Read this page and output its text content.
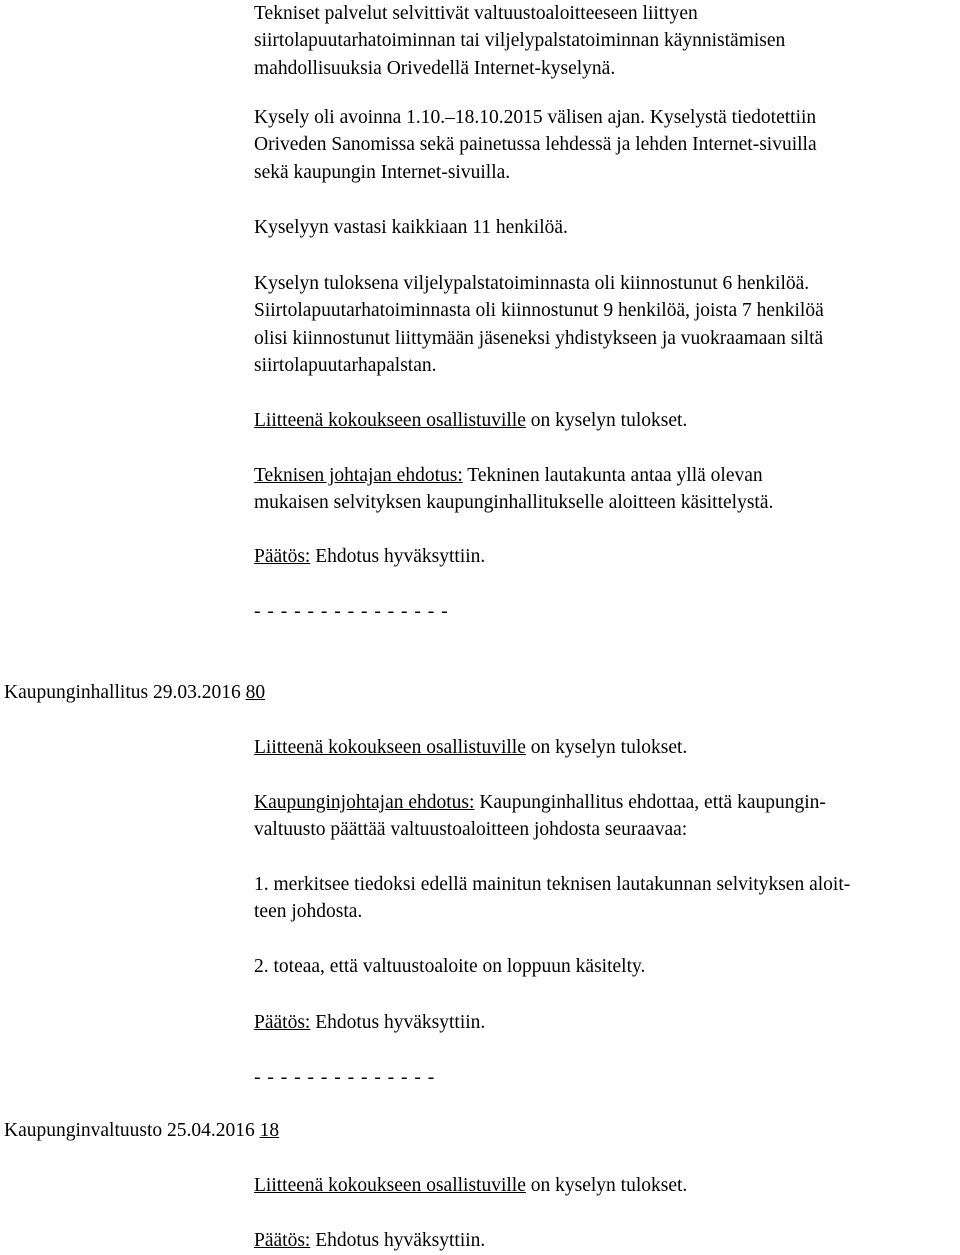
Tekniset palvelut selvittivät valtuustoaloitteeseen liittyen
siirtolapuutarhatoiminnan tai viljelypalstatoiminnan käynnistämisen
mahdollisuuksia Orivedellä Internet-kyselynä.

Kysely oli avoinna 1.10.–18.10.2015 välisen ajan. Kyselystä tiedotettiin
Oriveden Sanomissa sekä painetussa lehdessä ja lehden Internet-sivuilla
sekä kaupungin Internet-sivuilla.

Kyselyyn vastasi kaikkiaan 11 henkilöä.

Kyselyn tuloksena viljelypalstatoiminnasta oli kiinnostunut 6 henkilöä.
Siirtolapuutarhatoiminnasta oli kiinnostunut 9 henkilöä, joista 7 henkilöä
olisi kiinnostunut liittymään jäseneksi yhdistykseen ja vuokraamaan siltä
siirtolapuutarhapalstan.

Liitteenä kokoukseen osallistuville on kyselyn tulokset.

Teknisen johtajan ehdotus: Tekninen lautakunta antaa yllä olevan
mukaisen selvityksen kaupunginhallitukselle aloitteen käsittelystä.

Päätös: Ehdotus hyväksyttiin.

- - - - - - - - - - - - - - -

Kaupunginhallitus 29.03.2016 80

Liitteenä kokoukseen osallistuville on kyselyn tulokset.

Kaupunginjohtajan ehdotus: Kaupunginhallitus ehdottaa, että kaupungin-
valtuusto päättää valtuustoaloitteen johdosta seuraavaa:

1. merkitsee tiedoksi edellä mainitun teknisen lautakunnan selvityksen aloit-
teen johdosta.

2. toteaa, että valtuustoaloite on loppuun käsitelty.

Päätös: Ehdotus hyväksyttiin.

- - - - - - - - - - - - - -

Kaupunginvaltuusto 25.04.2016 18

Liitteenä kokoukseen osallistuville on kyselyn tulokset.

Päätös: Ehdotus hyväksyttiin.
